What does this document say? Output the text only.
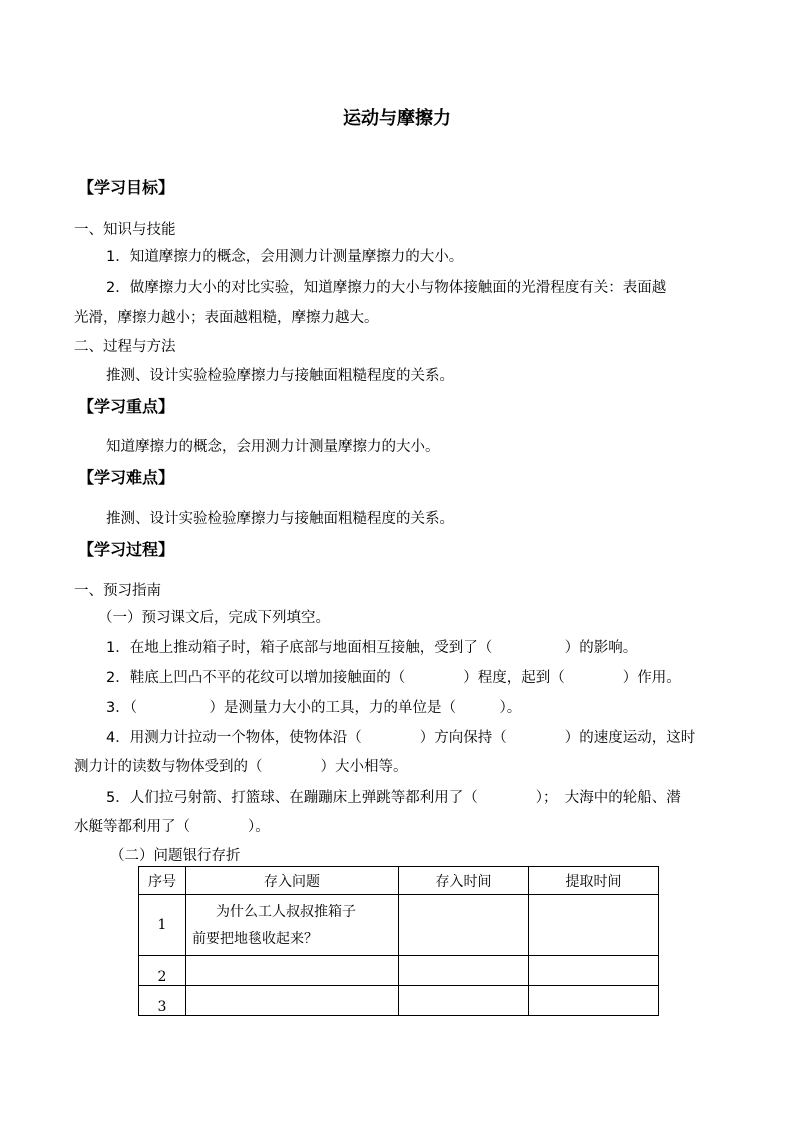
运动与摩擦力
【学习目标】
一、知识与技能
1．知道摩擦力的概念，会用测力计测量摩擦力的大小。
2．做摩擦力大小的对比实验，知道摩擦力的大小与物体接触面的光滑程度有关：表面越
光滑，摩擦力越小；表面越粗糙，摩擦力越大。
二、过程与方法
推测、设计实验检验摩擦力与接触面粗糙程度的关系。
【学习重点】
知道摩擦力的概念，会用测力计测量摩擦力的大小。
【学习难点】
推测、设计实验检验摩擦力与接触面粗糙程度的关系。
【学习过程】
一、预习指南
（一）预习课文后，完成下列填空。
1．在地上推动箱子时，箱子底部与地面相互接触，受到了（　　　　　）的影响。
2．鞋底上凹凸不平的花纹可以增加接触面的（　　　　）程度，起到（　　　　）作用。
3．（　　　　　）是测量力大小的工具，力的单位是（　　　）。
4．用测力计拉动一个物体，使物体沿（　　　　）方向保持（　　　　）的速度运动，这时
测力计的读数与物体受到的（　　　　）大小相等。
5．人们拉弓射箭、打篮球、在蹦蹦床上弹跳等都利用了（　　　　）；　大海中的轮船、潜
水艇等都利用了（　　　　）。
（二）问题银行存折
序号	存入问题	存入时间	提取时间
1	为什么工人叔叔推箱子
前要把地毯收起来？		

2			
3			
